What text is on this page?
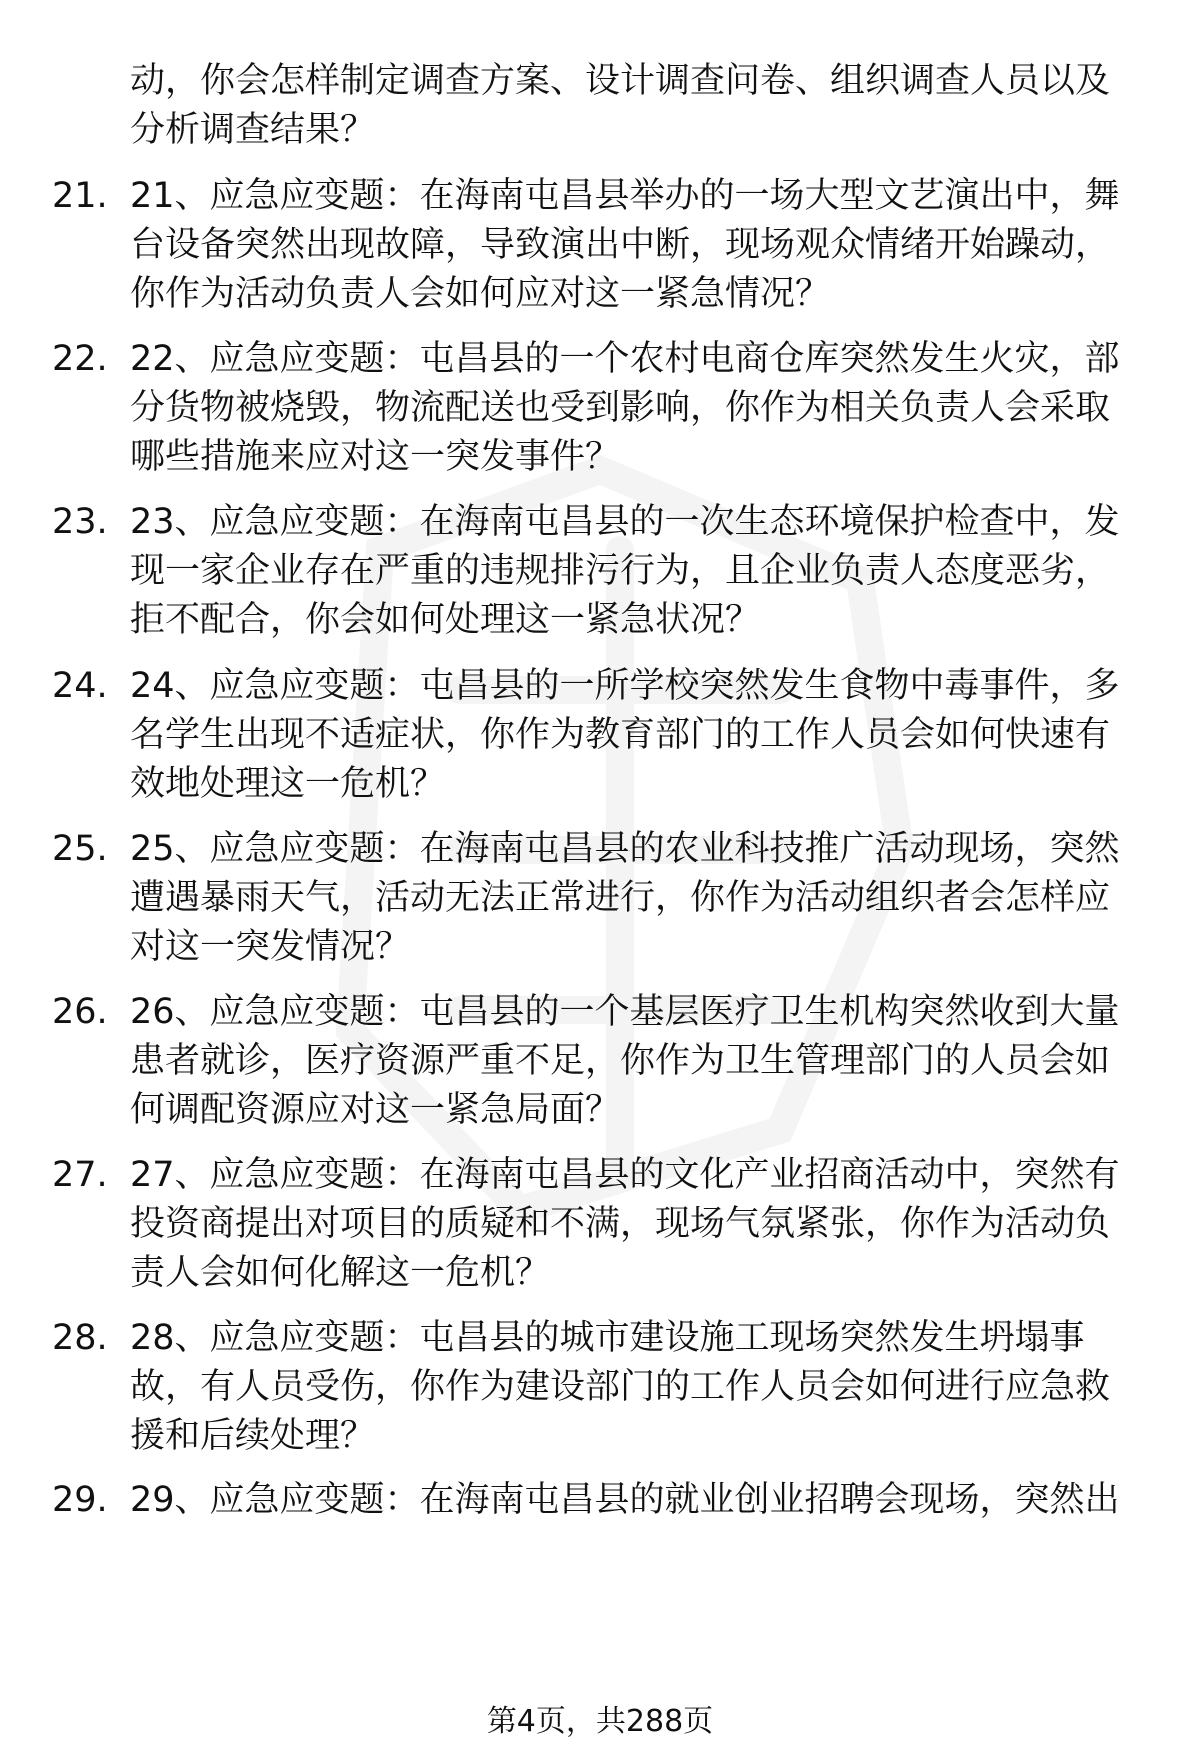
动，你会怎样制定调查方案、设计调查问卷、组织调查人员以及分析调查结果？
21. 21、应急应变题：在海南屯昌县举办的一场大型文艺演出中，舞台设备突然出现故障，导致演出中断，现场观众情绪开始躁动，你作为活动负责人会如何应对这一紧急情况？
22. 22、应急应变题：屯昌县的一个农村电商仓库突然发生火灾，部分货物被烧毁，物流配送也受到影响，你作为相关负责人会采取哪些措施来应对这一突发事件？
23. 23、应急应变题：在海南屯昌县的一次生态环境保护检查中，发现一家企业存在严重的违规排污行为，且企业负责人态度恶劣，拒不配合，你会如何处理这一紧急状况？
24. 24、应急应变题：屯昌县的一所学校突然发生食物中毒事件，多名学生出现不适症状，你作为教育部门的工作人员会如何快速有效地处理这一危机？
25. 25、应急应变题：在海南屯昌县的农业科技推广活动现场，突然遭遇暴雨天气，活动无法正常进行，你作为活动组织者会怎样应对这一突发情况？
26. 26、应急应变题：屯昌县的一个基层医疗卫生机构突然收到大量患者就诊，医疗资源严重不足，你作为卫生管理部门的人员会如何调配资源应对这一紧急局面？
27. 27、应急应变题：在海南屯昌县的文化产业招商活动中，突然有投资商提出对项目的质疑和不满，现场气氛紧张，你作为活动负责人会如何化解这一危机？
28. 28、应急应变题：屯昌县的城市建设施工现场突然发生坍塌事故，有人员受伤，你作为建设部门的工作人员会如何进行应急救援和后续处理？
29. 29、应急应变题：在海南屯昌县的就业创业招聘会现场，突然出
第4页，共288页
